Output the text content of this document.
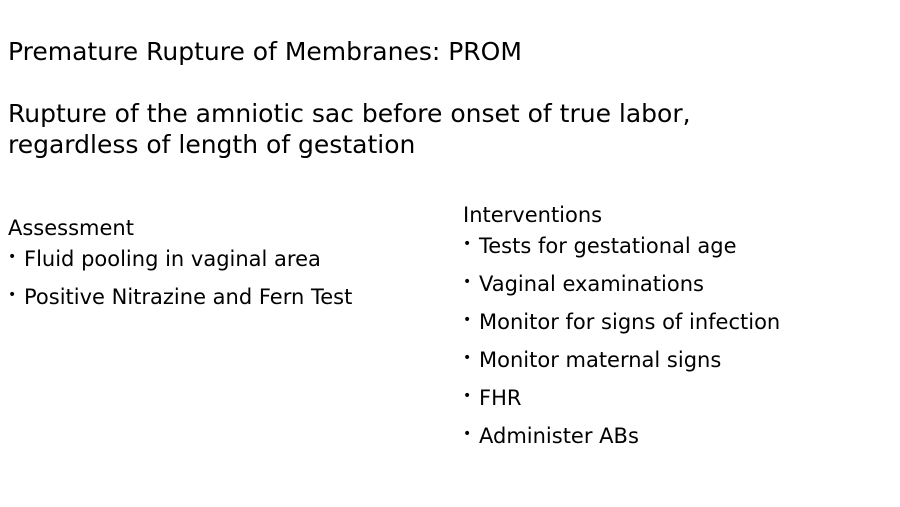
Premature Rupture of Membranes: PROM
Rupture of the amniotic sac before onset of true labor,
regardless of length of gestation
Assessment
• Fluid pooling in vaginal area
• Positive Nitrazine and Fern Test
Interventions
• Tests for gestational age
• Vaginal examinations
• Monitor for signs of infection
• Monitor maternal signs
• FHR
• Administer ABs
